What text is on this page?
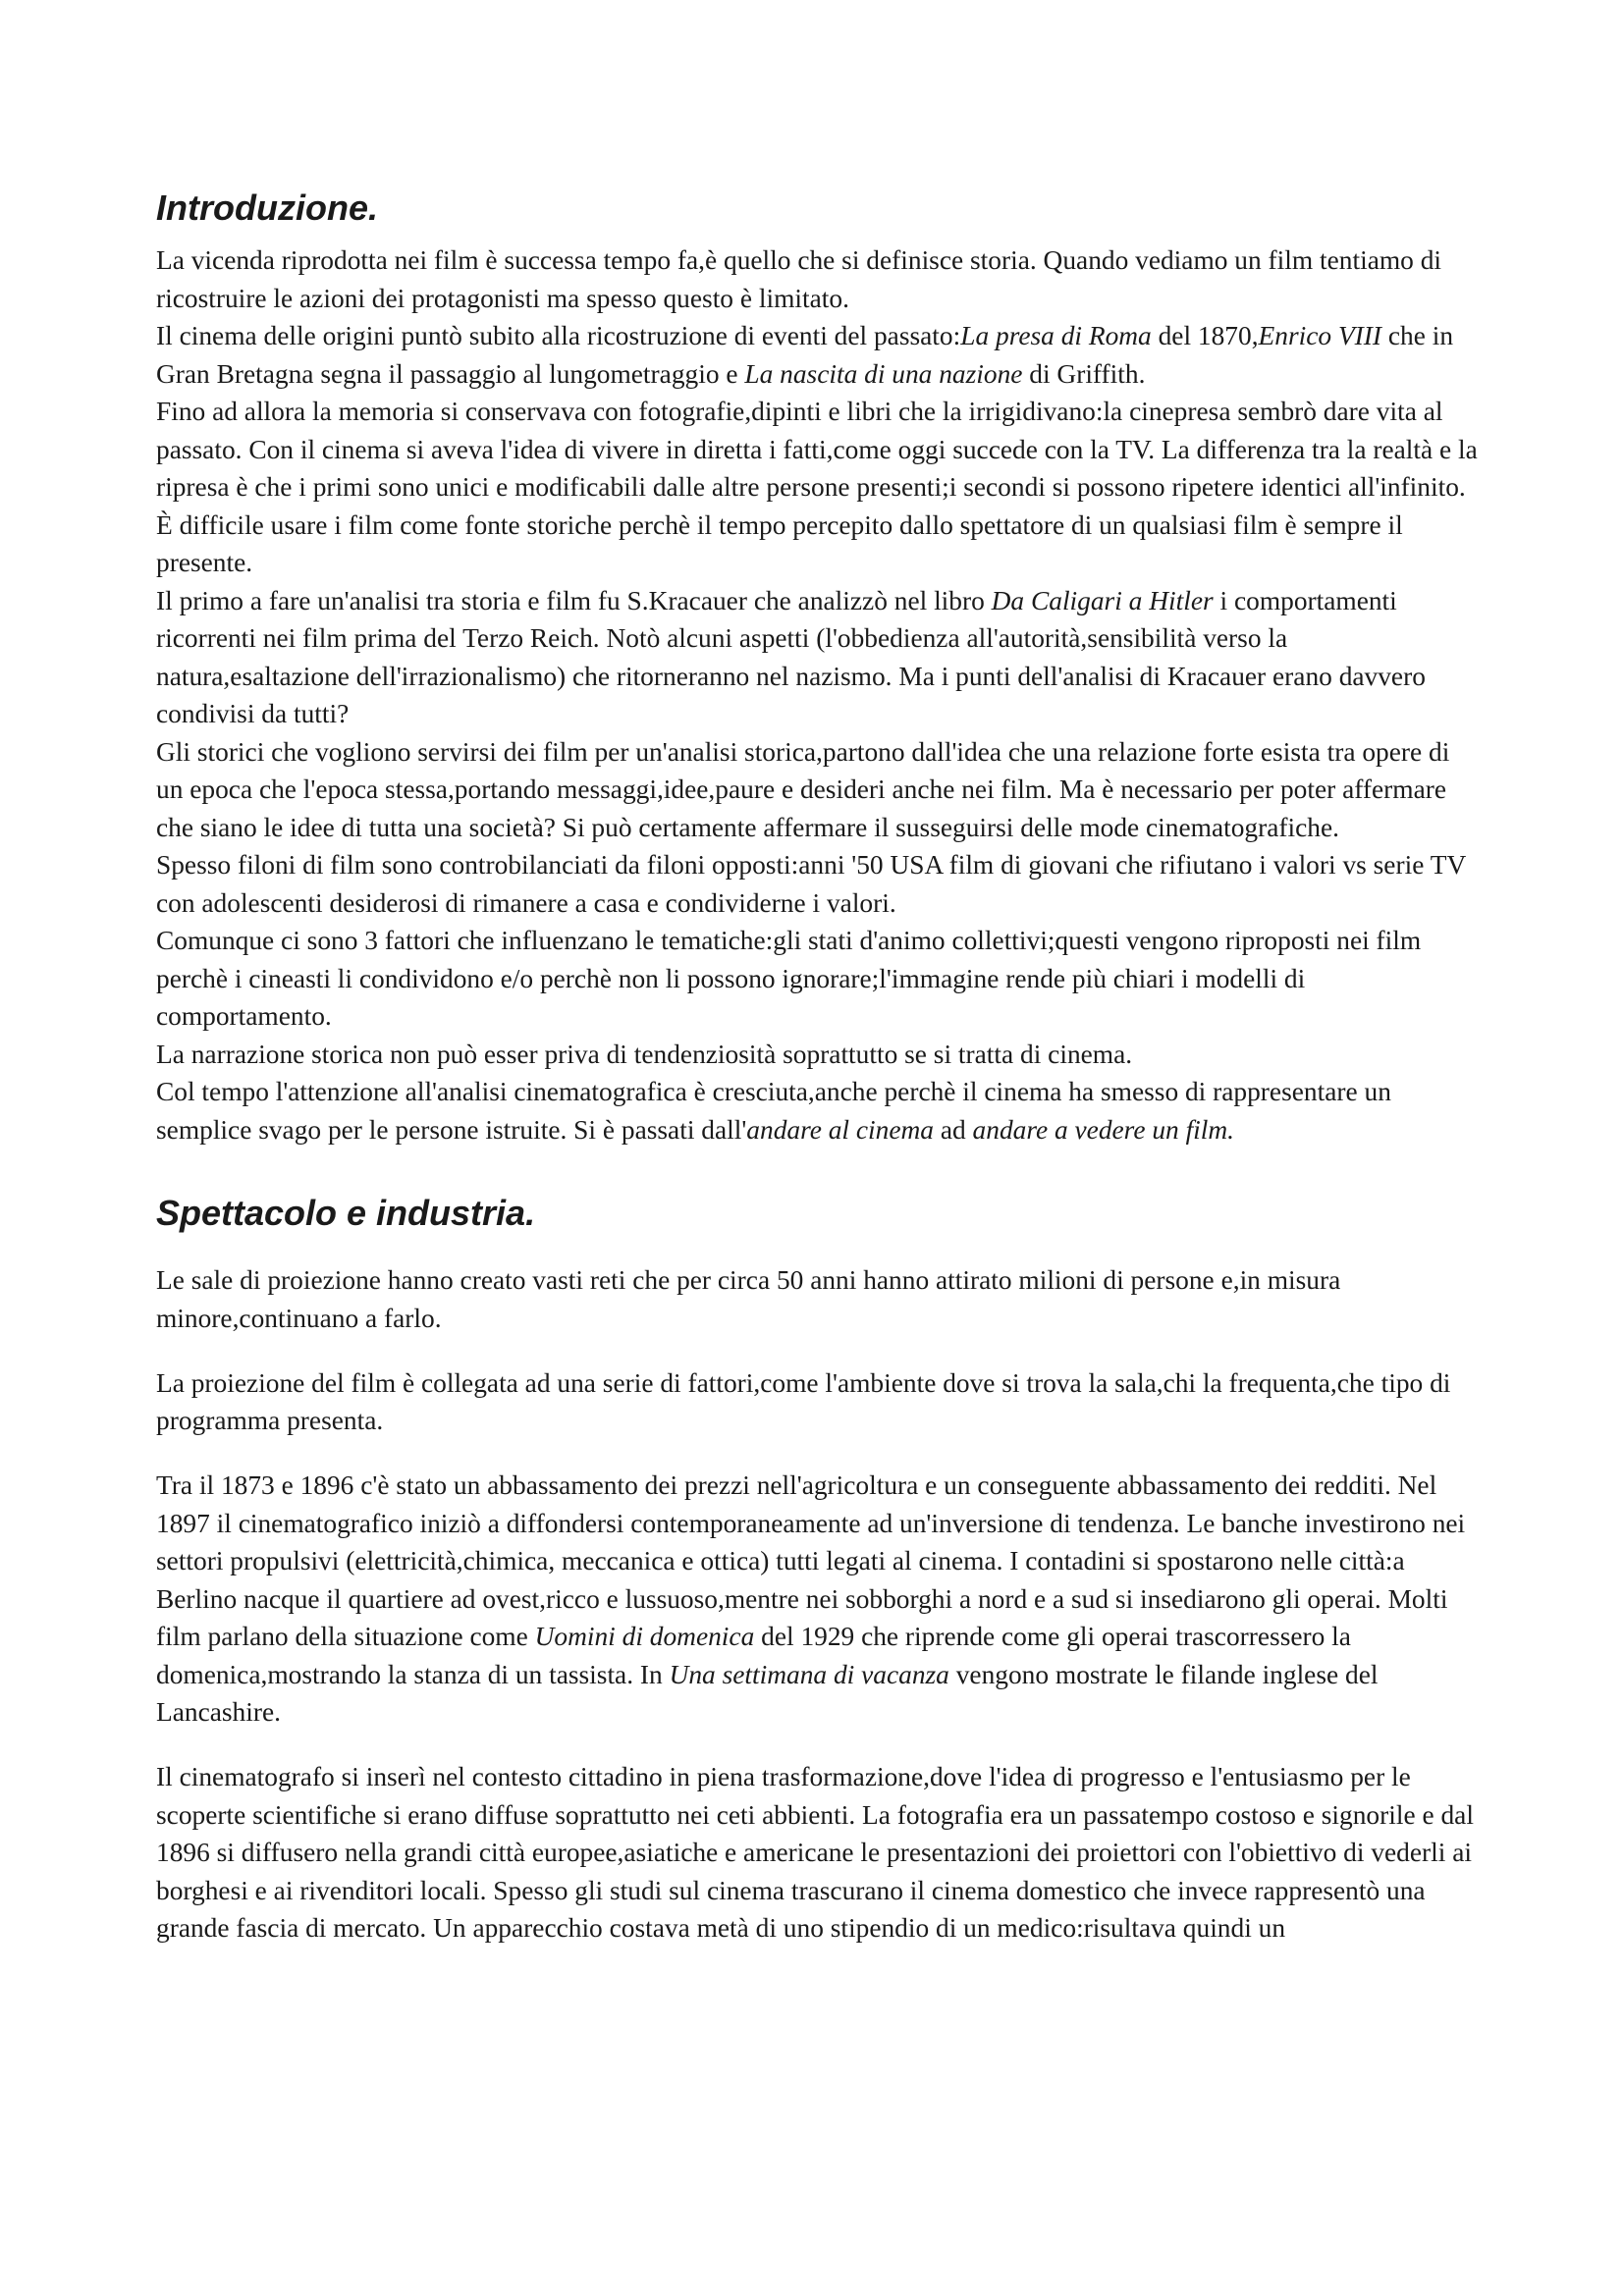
Introduzione.

La vicenda riprodotta nei film è successa tempo fa,è quello che si definisce storia. Quando vediamo un film tentiamo di ricostruire le azioni dei protagonisti ma spesso questo è limitato.

Il cinema delle origini puntò subito alla ricostruzione di eventi del passato:La presa di Roma del 1870,Enrico VIII che in Gran Bretagna segna il passaggio al lungometraggio e La nascita di una nazione di Griffith.

Fino ad allora la memoria si conservava con fotografie,dipinti e libri che la irrigidivano:la cinepresa sembrò dare vita al passato. Con il cinema si aveva l'idea di vivere in diretta i fatti,come oggi succede con la TV. La differenza tra la realtà e la ripresa è che i primi sono unici e modificabili dalle altre persone presenti;i secondi si possono ripetere identici all'infinito.

È difficile usare i film come fonte storiche perchè il tempo percepito dallo spettatore di un qualsiasi film è sempre il presente.

Il primo a fare un'analisi tra storia e film fu S.Kracauer che analizzò nel libro Da Caligari a Hitler i comportamenti ricorrenti nei film prima del Terzo Reich. Notò alcuni aspetti (l'obbedienza all'autorità,sensibilità verso la natura,esaltazione dell'irrazionalismo) che ritorneranno nel nazismo. Ma i punti dell'analisi di Kracauer erano davvero condivisi da tutti?

Gli storici che vogliono servirsi dei film per un'analisi storica,partono dall'idea che una relazione forte esista tra opere di un epoca che l'epoca stessa,portando messaggi,idee,paure e desideri anche nei film. Ma è necessario per poter affermare che siano le idee di tutta una società? Si può certamente affermare il susseguirsi delle mode cinematografiche.

Spesso filoni di film sono controbilanciati da filoni opposti:anni '50 USA film di giovani che rifiutano i valori vs serie TV con adolescenti desiderosi di rimanere a casa e condividerne i valori.

Comunque ci sono 3 fattori che influenzano le tematiche:gli stati d'animo collettivi;questi vengono riproposti nei film perchè i cineasti li condividono e/o perchè non li possono ignorare;l'immagine rende più chiari i modelli di comportamento.

La narrazione storica non può esser priva di tendenziosità soprattutto se si tratta di cinema.

Col tempo l'attenzione all'analisi cinematografica è cresciuta,anche perchè il cinema ha smesso di rappresentare un semplice svago per le persone istruite. Si è passati dall'andare al cinema ad andare a vedere un film.

Spettacolo e industria.

Le sale di proiezione hanno creato vasti reti che per circa 50 anni hanno attirato milioni di persone e,in misura minore,continuano a farlo.

La proiezione del film è collegata ad una serie di fattori,come l'ambiente dove si trova la sala,chi la frequenta,che tipo di programma presenta.

Tra il 1873 e 1896 c'è stato un abbassamento dei prezzi nell'agricoltura e un conseguente abbassamento dei redditi. Nel 1897 il cinematografico iniziò a diffondersi contemporaneamente ad un'inversione di tendenza. Le banche investirono nei settori propulsivi (elettricità,chimica, meccanica e ottica) tutti legati al cinema. I contadini si spostarono nelle città:a Berlino nacque il quartiere ad ovest,ricco e lussuoso,mentre nei sobborghi a nord e a sud si insediarono gli operai. Molti film parlano della situazione come Uomini di domenica del 1929 che riprende come gli operai trascorressero la domenica,mostrando la stanza di un tassista. In Una settimana di vacanza vengono mostrate le filande inglese del Lancashire.

Il cinematografo si inserì nel contesto cittadino in piena trasformazione,dove l'idea di progresso e l'entusiasmo per le scoperte scientifiche si erano diffuse soprattutto nei ceti abbienti. La fotografia era un passatempo costoso e signorile e dal 1896 si diffusero nella grandi città europee,asiatiche e americane le presentazioni dei proiettori con l'obiettivo di vederli ai borghesi e ai rivenditori locali. Spesso gli studi sul cinema trascurano il cinema domestico che invece rappresentò una grande fascia di mercato. Un apparecchio costava metà di uno stipendio di un medico:risultava quindi un
